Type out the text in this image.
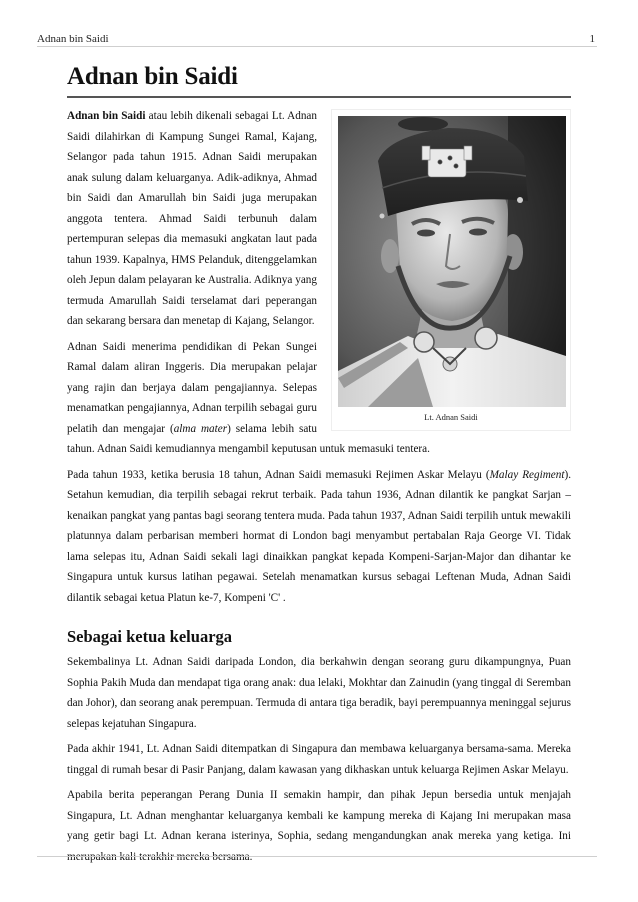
Adnan bin Saidi	1
Adnan bin Saidi
Lt. Adnan Saidi

Adnan bin Saidi atau lebih dikenali sebagai Lt. Adnan Saidi dilahirkan di Kampung Sungei Ramal, Kajang, Selangor pada tahun 1915. Adnan Saidi merupakan anak sulung dalam keluarganya. Adik-adiknya, Ahmad bin Saidi dan Amarullah bin Saidi juga merupakan anggota tentera. Ahmad Saidi terbunuh dalam pertempuran selepas dia memasuki angkatan laut pada tahun 1939. Kapalnya, HMS Pelanduk, ditenggelamkan oleh Jepun dalam pelayaran ke Australia. Adiknya yang termuda Amarullah Saidi terselamat dari peperangan dan sekarang bersara dan menetap di Kajang, Selangor.

Adnan Saidi menerima pendidikan di Pekan Sungei Ramal dalam aliran Inggeris. Dia merupakan pelajar yang rajin dan berjaya dalam pengajiannya. Selepas menamatkan pengajiannya, Adnan terpilih sebagai guru pelatih dan mengajar (alma mater) selama lebih satu tahun. Adnan Saidi kemudiannya mengambil keputusan untuk memasuki tentera.

Pada tahun 1933, ketika berusia 18 tahun, Adnan Saidi memasuki Rejimen Askar Melayu (Malay Regiment). Setahun kemudian, dia terpilih sebagai rekrut terbaik. Pada tahun 1936, Adnan dilantik ke pangkat Sarjan – kenaikan pangkat yang pantas bagi seorang tentera muda. Pada tahun 1937, Adnan Saidi terpilih untuk mewakili platunnya dalam perbarisan memberi hormat di London bagi menyambut pertabalan Raja George VI. Tidak lama selepas itu, Adnan Saidi sekali lagi dinaikkan pangkat kepada Kompeni-Sarjan-Major dan dihantar ke Singapura untuk kursus latihan pegawai. Setelah menamatkan kursus sebagai Leftenan Muda, Adnan Saidi dilantik sebagai ketua Platun ke-7, Kompeni 'C' .

Sebagai ketua keluarga

Sekembalinya Lt. Adnan Saidi daripada London, dia berkahwin dengan seorang guru dikampungnya, Puan Sophia Pakih Muda dan mendapat tiga orang anak: dua lelaki, Mokhtar dan Zainudin (yang tinggal di Seremban dan Johor), dan seorang anak perempuan. Termuda di antara tiga beradik, bayi perempuannya meninggal sejurus selepas kejatuhan Singapura.

Pada akhir 1941, Lt. Adnan Saidi ditempatkan di Singapura dan membawa keluarganya bersama-sama. Mereka tinggal di rumah besar di Pasir Panjang, dalam kawasan yang dikhaskan untuk keluarga Rejimen Askar Melayu.

Apabila berita peperangan Perang Dunia II semakin hampir, dan pihak Jepun bersedia untuk menjajah Singapura, Lt. Adnan menghantar keluarganya kembali ke kampung mereka di Kajang Ini merupakan masa yang getir bagi Lt. Adnan kerana isterinya, Sophia, sedang mengandungkan anak mereka yang ketiga. Ini merupakan kali terakhir mereka bersama.
